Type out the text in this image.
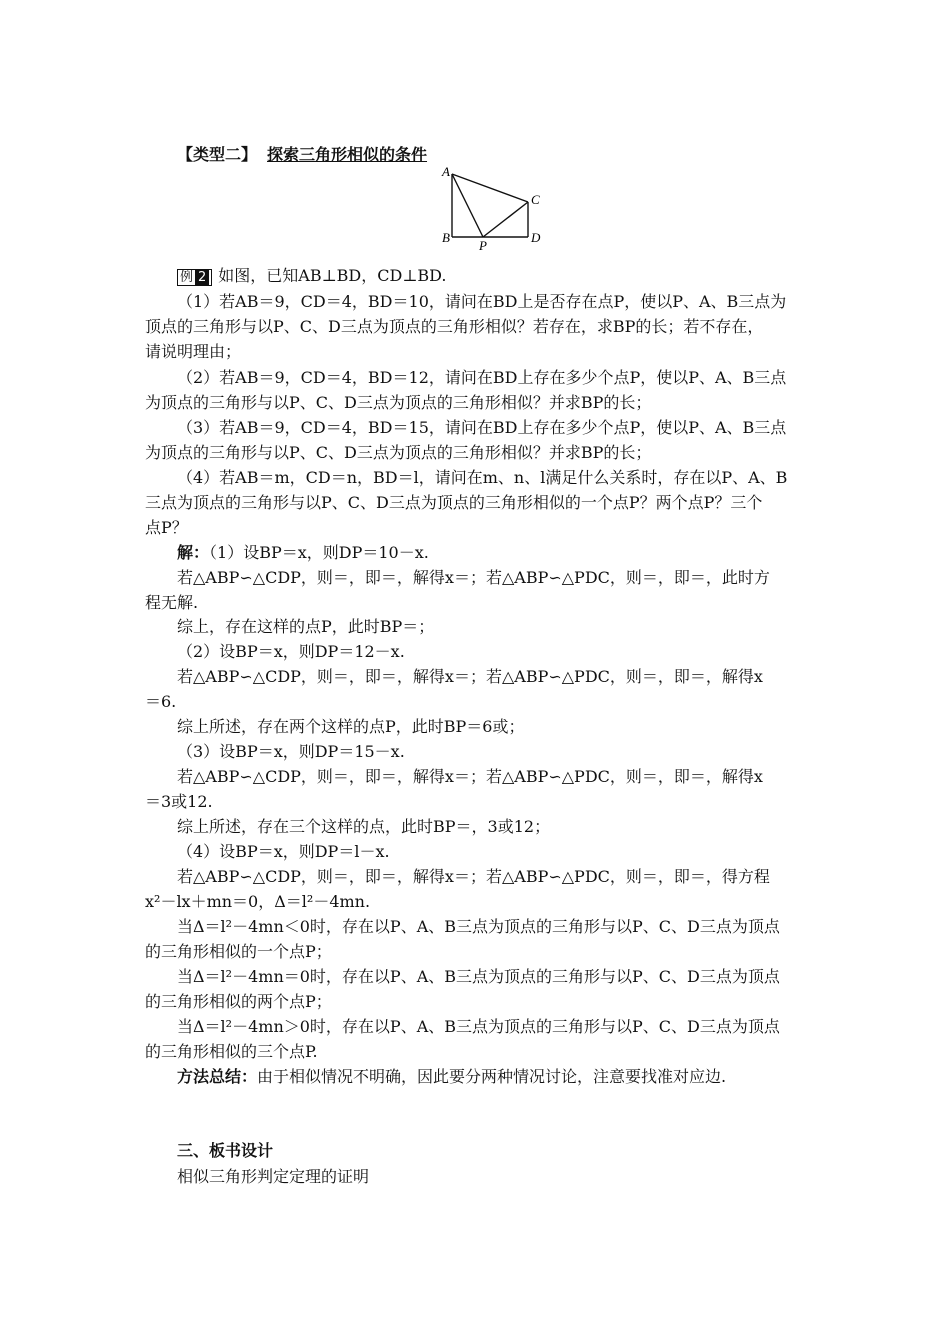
【类型二】 探索三角形相似的条件
A
B
P
C
D
例 2 如图，已知AB⊥BD，CD⊥BD.
（1）若AB＝9，CD＝4，BD＝10，请问在BD上是否存在点P，使以P、A、B三点为
顶点的三角形与以P、C、D三点为顶点的三角形相似？若存在，求BP的长；若不存在，
请说明理由；
（2）若AB＝9，CD＝4，BD＝12，请问在BD上存在多少个点P，使以P、A、B三点
为顶点的三角形与以P、C、D三点为顶点的三角形相似？并求BP的长；
（3）若AB＝9，CD＝4，BD＝15，请问在BD上存在多少个点P，使以P、A、B三点
为顶点的三角形与以P、C、D三点为顶点的三角形相似？并求BP的长；
（4）若AB＝m，CD＝n，BD＝l，请问在m、n、l满足什么关系时，存在以P、A、B
三点为顶点的三角形与以P、C、D三点为顶点的三角形相似的一个点P？两个点P？三个
点P？
解：（1）设BP＝x，则DP＝10－x.
若△ABP∽△CDP，则＝，即＝，解得x＝；若△ABP∽△PDC，则＝，即＝，此时方
程无解.
综上，存在这样的点P，此时BP＝；
（2）设BP＝x，则DP＝12－x.
若△ABP∽△CDP，则＝，即＝，解得x＝；若△ABP∽△PDC，则＝，即＝，解得x
＝6.
综上所述，存在两个这样的点P，此时BP＝6或；
（3）设BP＝x，则DP＝15－x.
若△ABP∽△CDP，则＝，即＝，解得x＝；若△ABP∽△PDC，则＝，即＝，解得x
＝3或12.
综上所述，存在三个这样的点，此时BP＝，3或12；
（4）设BP＝x，则DP＝l－x.
若△ABP∽△CDP，则＝，即＝，解得x＝；若△ABP∽△PDC，则＝，即＝，得方程
x²－lx＋mn＝0，Δ＝l²－4mn.
当Δ＝l²－4mn＜0时，存在以P、A、B三点为顶点的三角形与以P、C、D三点为顶点
的三角形相似的一个点P；
当Δ＝l²－4mn＝0时，存在以P、A、B三点为顶点的三角形与以P、C、D三点为顶点
的三角形相似的两个点P；
当Δ＝l²－4mn＞0时，存在以P、A、B三点为顶点的三角形与以P、C、D三点为顶点
的三角形相似的三个点P.
方法总结：由于相似情况不明确，因此要分两种情况讨论，注意要找准对应边.
三、板书设计
相似三角形判定定理的证明
